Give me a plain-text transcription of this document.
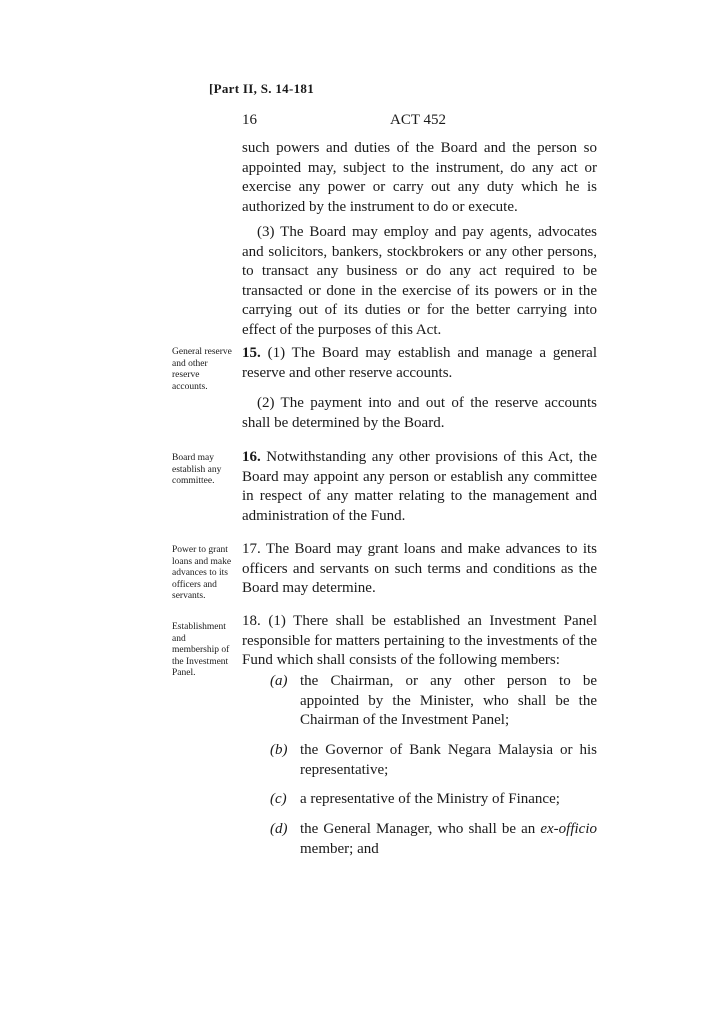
[Part II, S. 14-181
16	ACT 452

such powers and duties of the Board and the person so appointed may, subject to the instrument, do any act or exercise any power or carry out any duty which he is authorized by the instrument to do or execute.

(3) The Board may employ and pay agents, advocates and solicitors, bankers, stockbrokers or any other persons, to transact any business or do any act required to be transacted or done in the exercise of its powers or in the carrying out of its duties or for the better carrying into effect of the purposes of this Act.

General reserve and other reserve accounts.

15. (1) The Board may establish and manage a general reserve and other reserve accounts.

(2) The payment into and out of the reserve accounts shall be determined by the Board.

Board may establish any committee.

16. Notwithstanding any other provisions of this Act, the Board may appoint any person or establish any committee in respect of any matter relating to the management and administration of the Fund.

Power to grant loans and make advances to its officers and servants.

17. The Board may grant loans and make advances to its officers and servants on such terms and conditions as the Board may determine.

Establishment and membership of the Investment Panel.

18. (1) There shall be established an Investment Panel responsible for matters pertaining to the investments of the Fund which shall consists of the following members:

(a) the Chairman, or any other person to be appointed by the Minister, who shall be the Chairman of the Investment Panel;
(b) the Governor of Bank Negara Malaysia or his representative;
(c) a representative of the Ministry of Finance;
(d) the General Manager, who shall be an ex-officio member; and
